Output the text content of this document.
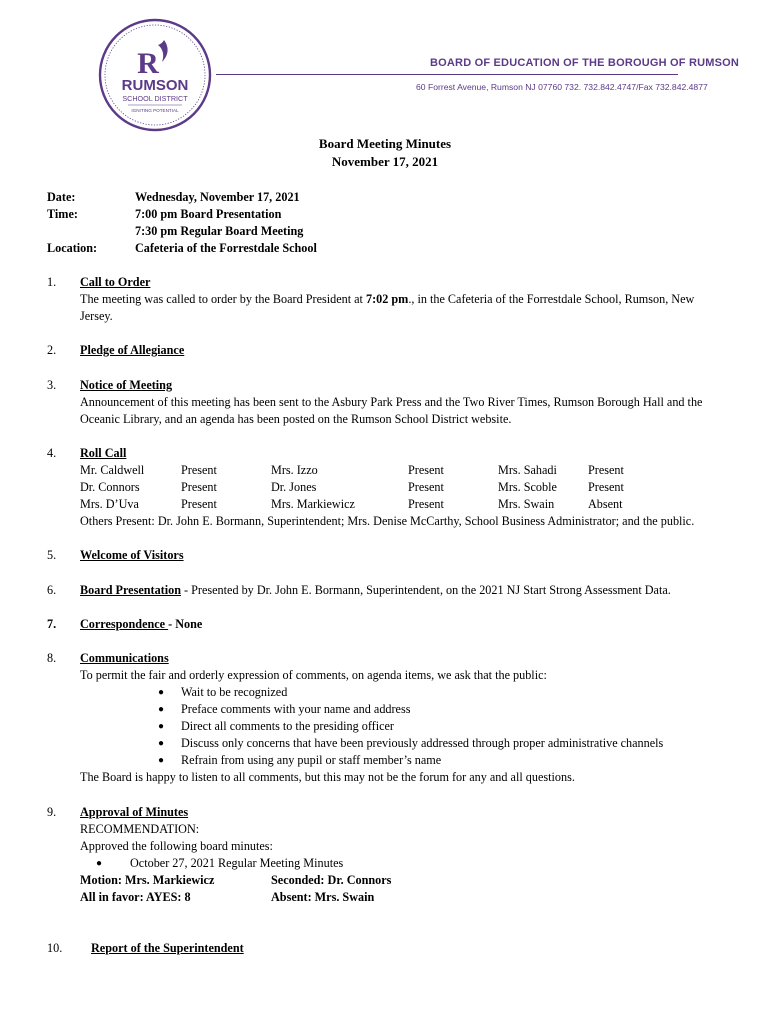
R
RUMSON
SCHOOL DISTRICT
IGNITING POTENTIAL
BOARD OF EDUCATION OF THE BOROUGH OF RUMSON
60 Forrest Avenue, Rumson NJ 07760 732. 732.842.4747/Fax 732.842.4877
Board Meeting Minutes
November 17, 2021
Date:	Wednesday, November 17, 2021
Time:	7:00 pm Board Presentation
7:30 pm Regular Board Meeting
Location:	Cafeteria of the Forrestdale School
1. Call to Order
The meeting was called to order by the Board President at 7:02 pm., in the Cafeteria of the Forrestdale School, Rumson, New
Jersey.
2. Pledge of Allegiance
3. Notice of Meeting
Announcement of this meeting has been sent to the Asbury Park Press and the Two River Times, Rumson Borough Hall and the
Oceanic Library, and an agenda has been posted on the Rumson School District website.
4. Roll Call
Mr. Caldwell	Present	Mrs. Izzo	Present	Mrs. Sahadi	Present
Dr. Connors	Present	Dr. Jones	Present	Mrs. Scoble	Present
Mrs. D’Uva	Present	Mrs. Markiewicz	Present	Mrs. Swain	Absent
Others Present: Dr. John E. Bormann, Superintendent; Mrs. Denise McCarthy, School Business Administrator; and the public.
5. Welcome of Visitors
6. Board Presentation - Presented by Dr. John E. Bormann, Superintendent, on the 2021 NJ Start Strong Assessment Data.
7. Correspondence - None
8. Communications
To permit the fair and orderly expression of comments, on agenda items, we ask that the public:
● Wait to be recognized
● Preface comments with your name and address
● Direct all comments to the presiding officer
● Discuss only concerns that have been previously addressed through proper administrative channels
● Refrain from using any pupil or staff member’s name
The Board is happy to listen to all comments, but this may not be the forum for any and all questions.
9. Approval of Minutes
RECOMMENDATION:
Approved the following board minutes:
● October 27, 2021 Regular Meeting Minutes
Motion: Mrs. Markiewicz	Seconded: Dr. Connors
All in favor: AYES: 8	Absent: Mrs. Swain
10. Report of the Superintendent
